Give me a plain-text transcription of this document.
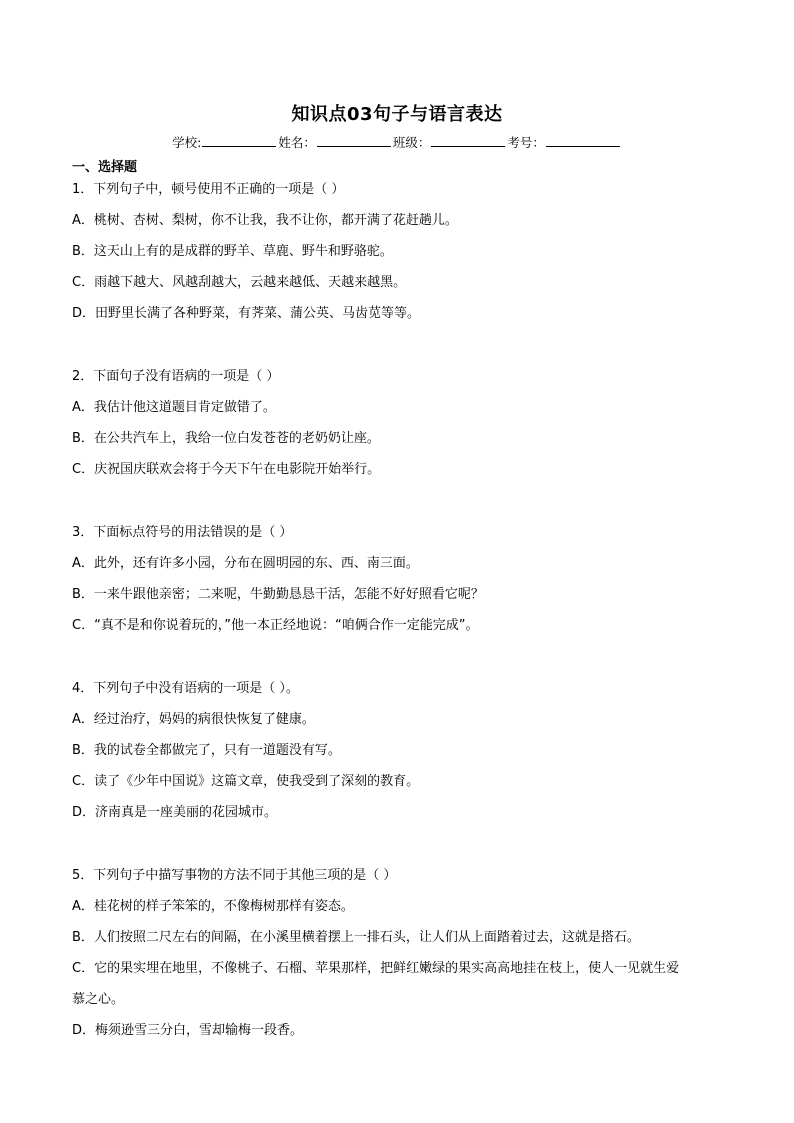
知识点03句子与语言表达
学校:	姓名：	班级：	考号：
一、选择题
1．下列句子中，顿号使用不正确的一项是（ ）
A．桃树、杏树、梨树，你不让我，我不让你，都开满了花赶趟儿。
B．这天山上有的是成群的野羊、草鹿、野牛和野骆驼。
C．雨越下越大、风越刮越大，云越来越低、天越来越黑。
D．田野里长满了各种野菜，有荠菜、蒲公英、马齿苋等等。
2．下面句子没有语病的一项是（ ）
A．我估计他这道题目肯定做错了。
B．在公共汽车上，我给一位白发苍苍的老奶奶让座。
C．庆祝国庆联欢会将于今天下午在电影院开始举行。
3．下面标点符号的用法错误的是（ ）
A．此外，还有许多小园，分布在圆明园的东、西、南三面。
B．一来牛跟他亲密；二来呢，牛勤勤恳恳干活，怎能不好好照看它呢？
C．“真不是和你说着玩的，”他一本正经地说：“咱俩合作一定能完成”。
4．下列句子中没有语病的一项是（ ）。
A．经过治疗，妈妈的病很快恢复了健康。
B．我的试卷全都做完了，只有一道题没有写。
C．读了《少年中国说》这篇文章，使我受到了深刻的教育。
D．济南真是一座美丽的花园城市。
5．下列句子中描写事物的方法不同于其他三项的是（ ）
A．桂花树的样子笨笨的，不像梅树那样有姿态。
B．人们按照二尺左右的间隔，在小溪里横着摆上一排石头，让人们从上面踏着过去，这就是搭石。
C．它的果实埋在地里，不像桃子、石榴、苹果那样，把鲜红嫩绿的果实高高地挂在枝上，使人一见就生爱
慕之心。
D．梅须逊雪三分白，雪却输梅一段香。
